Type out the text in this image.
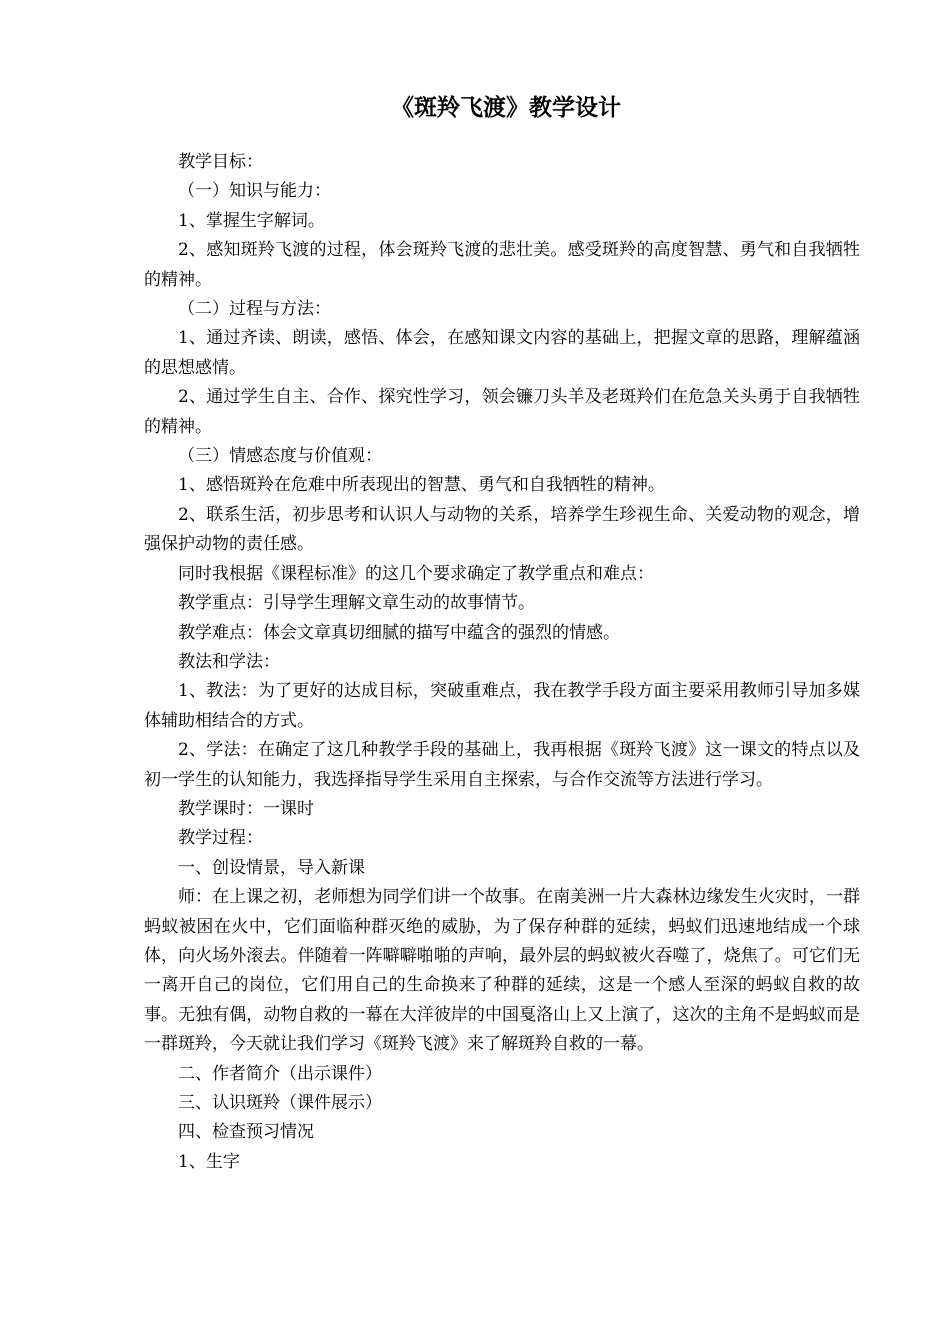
《斑羚飞渡》教学设计

教学目标：

（一）知识与能力：

1、掌握生字解词。

2、感知斑羚飞渡的过程，体会斑羚飞渡的悲壮美。感受斑羚的高度智慧、勇气和自我牺牲的精神。

（二）过程与方法：

1、通过齐读、朗读，感悟、体会，在感知课文内容的基础上，把握文章的思路，理解蕴涵的思想感情。

2、通过学生自主、合作、探究性学习，领会镰刀头羊及老斑羚们在危急关头勇于自我牺牲的精神。

（三）情感态度与价值观：

1、感悟斑羚在危难中所表现出的智慧、勇气和自我牺牲的精神。

2、联系生活，初步思考和认识人与动物的关系，培养学生珍视生命、关爱动物的观念，增强保护动物的责任感。

同时我根据《课程标准》的这几个要求确定了教学重点和难点：

教学重点：引导学生理解文章生动的故事情节。

教学难点：体会文章真切细腻的描写中蕴含的强烈的情感。

教法和学法：

1、教法：为了更好的达成目标，突破重难点，我在教学手段方面主要采用教师引导加多媒体辅助相结合的方式。

2、学法：在确定了这几种教学手段的基础上，我再根据《斑羚飞渡》这一课文的特点以及初一学生的认知能力，我选择指导学生采用自主探索，与合作交流等方法进行学习。

教学课时：一课时

教学过程：

一、创设情景，导入新课

师：在上课之初，老师想为同学们讲一个故事。在南美洲一片大森林边缘发生火灾时，一群蚂蚁被困在火中，它们面临种群灭绝的威胁，为了保存种群的延续，蚂蚁们迅速地结成一个球体，向火场外滚去。伴随着一阵噼噼啪啪的声响，最外层的蚂蚁被火吞噬了，烧焦了。可它们无一离开自己的岗位，它们用自己的生命换来了种群的延续，这是一个感人至深的蚂蚁自救的故事。无独有偶，动物自救的一幕在大洋彼岸的中国戛洛山上又上演了，这次的主角不是蚂蚁而是一群斑羚，今天就让我们学习《斑羚飞渡》来了解斑羚自救的一幕。

二、作者简介（出示课件）

三、认识斑羚（课件展示）

四、检查预习情况

1、生字
